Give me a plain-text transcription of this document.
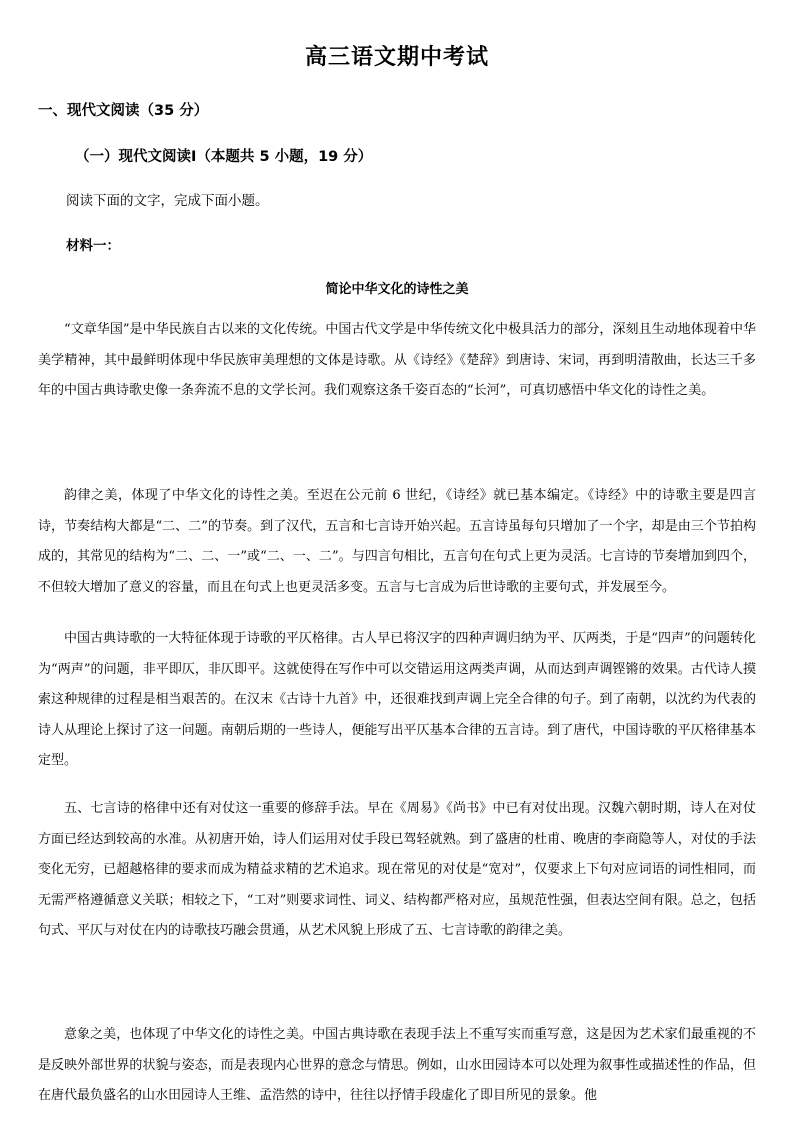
高三语文期中考试
一、现代文阅读（35 分）
（一）现代文阅读Ⅰ（本题共 5 小题，19 分）
阅读下面的文字，完成下面小题。
材料一：
简论中华文化的诗性之美

“文章华国”是中华民族自古以来的文化传统。中国古代文学是中华传统文化中极具活力的部分，深刻且生动地体现着中华美学精神，其中最鲜明体现中华民族审美理想的文体是诗歌。从《诗经》《楚辞》到唐诗、宋词，再到明清散曲，长达三千多年的中国古典诗歌史像一条奔流不息的文学长河。我们观察这条千姿百态的“长河”，可真切感悟中华文化的诗性之美。

韵律之美，体现了中华文化的诗性之美。至迟在公元前 6 世纪，《诗经》就已基本编定。《诗经》中的诗歌主要是四言诗，节奏结构大都是“二、二”的节奏。到了汉代，五言和七言诗开始兴起。五言诗虽每句只增加了一个字，却是由三个节拍构成的，其常见的结构为“二、二、一”或“二、一、二”。与四言句相比，五言句在句式上更为灵活。七言诗的节奏增加到四个，不但较大增加了意义的容量，而且在句式上也更灵活多变。五言与七言成为后世诗歌的主要句式，并发展至今。

中国古典诗歌的一大特征体现于诗歌的平仄格律。古人早已将汉字的四种声调归纳为平、仄两类，于是“四声”的问题转化为“两声”的问题，非平即仄，非仄即平。这就使得在写作中可以交错运用这两类声调，从而达到声调铿锵的效果。古代诗人摸索这种规律的过程是相当艰苦的。在汉末《古诗十九首》中，还很难找到声调上完全合律的句子。到了南朝，以沈约为代表的诗人从理论上探讨了这一问题。南朝后期的一些诗人，便能写出平仄基本合律的五言诗。到了唐代，中国诗歌的平仄格律基本定型。

五、七言诗的格律中还有对仗这一重要的修辞手法。早在《周易》《尚书》中已有对仗出现。汉魏六朝时期，诗人在对仗方面已经达到较高的水准。从初唐开始，诗人们运用对仗手段已驾轻就熟。到了盛唐的杜甫、晚唐的李商隐等人，对仗的手法变化无穷，已超越格律的要求而成为精益求精的艺术追求。现在常见的对仗是“宽对”，仅要求上下句对应词语的词性相同，而无需严格遵循意义关联；相较之下，“工对”则要求词性、词义、结构都严格对应，虽规范性强，但表达空间有限。总之，包括句式、平仄与对仗在内的诗歌技巧融会贯通，从艺术风貌上形成了五、七言诗歌的韵律之美。

意象之美，也体现了中华文化的诗性之美。中国古典诗歌在表现手法上不重写实而重写意，这是因为艺术家们最重视的不是反映外部世界的状貌与姿态，而是表现内心世界的意念与情思。例如，山水田园诗本可以处理为叙事性或描述性的作品，但在唐代最负盛名的山水田园诗人王维、孟浩然的诗中，往往以抒情手段虚化了即目所见的景象。他
